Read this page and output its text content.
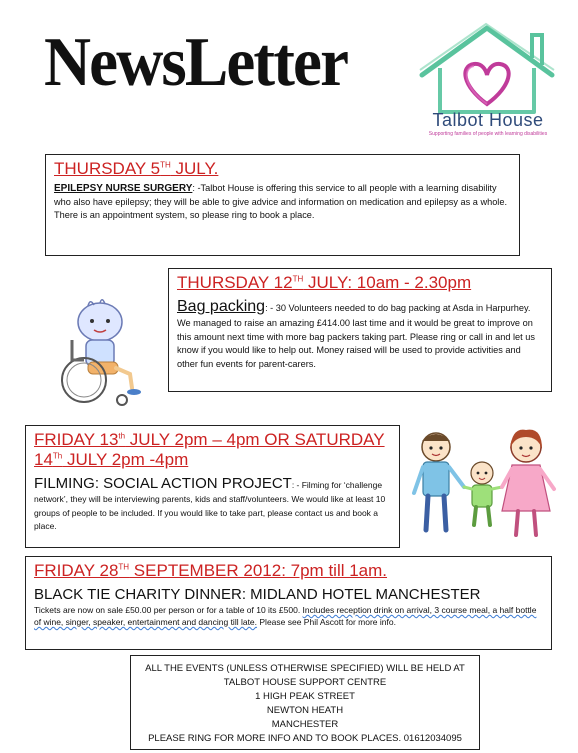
NewsLetter
Talbot House
Supporting families of people with learning disabilities
THURSDAY 5TH JULY.
EPILEPSY NURSE SURGERY: -Talbot House is offering this service to all people with a learning disability who also have epilepsy; they will be able to give advice and information on medication and epilepsy as a whole. There is an appointment system, so please ring to book a place.
THURSDAY 12TH JULY: 10am - 2.30pm
Bag packing: - 30 Volunteers needed to do bag packing at Asda in Harpurhey. We managed to raise an amazing £414.00 last time and it would be great to improve on this amount next time with more bag packers taking part. Please ring or call in and let us know if you would like to help out. Money raised will be used to provide activities and other fun events for parent-carers.
FRIDAY 13th JULY 2pm – 4pm OR SATURDAY
14Th JULY 2pm -4pm
FILMING: SOCIAL ACTION PROJECT: - Filming for ‘challenge network’, they will be interviewing parents, kids and staff/volunteers. We would like at least 10 groups of people to be included. If you would like to take part, please contact us and book a place.
FRIDAY 28TH SEPTEMBER 2012: 7pm till 1am.
BLACK TIE CHARITY DINNER: MIDLAND HOTEL MANCHESTER
Tickets are now on sale £50.00 per person or for a table of 10 its £500. Includes reception drink on arrival, 3 course meal, a half bottle of wine, singer, speaker, entertainment and dancing till late. Please see Phil Ascott for more info.
ALL THE EVENTS (UNLESS OTHERWISE SPECIFIED) WILL BE HELD AT
TALBOT HOUSE SUPPORT CENTRE
1 HIGH PEAK STREET
NEWTON HEATH
MANCHESTER
PLEASE RING FOR MORE INFO AND TO BOOK PLACES. 01612034095
